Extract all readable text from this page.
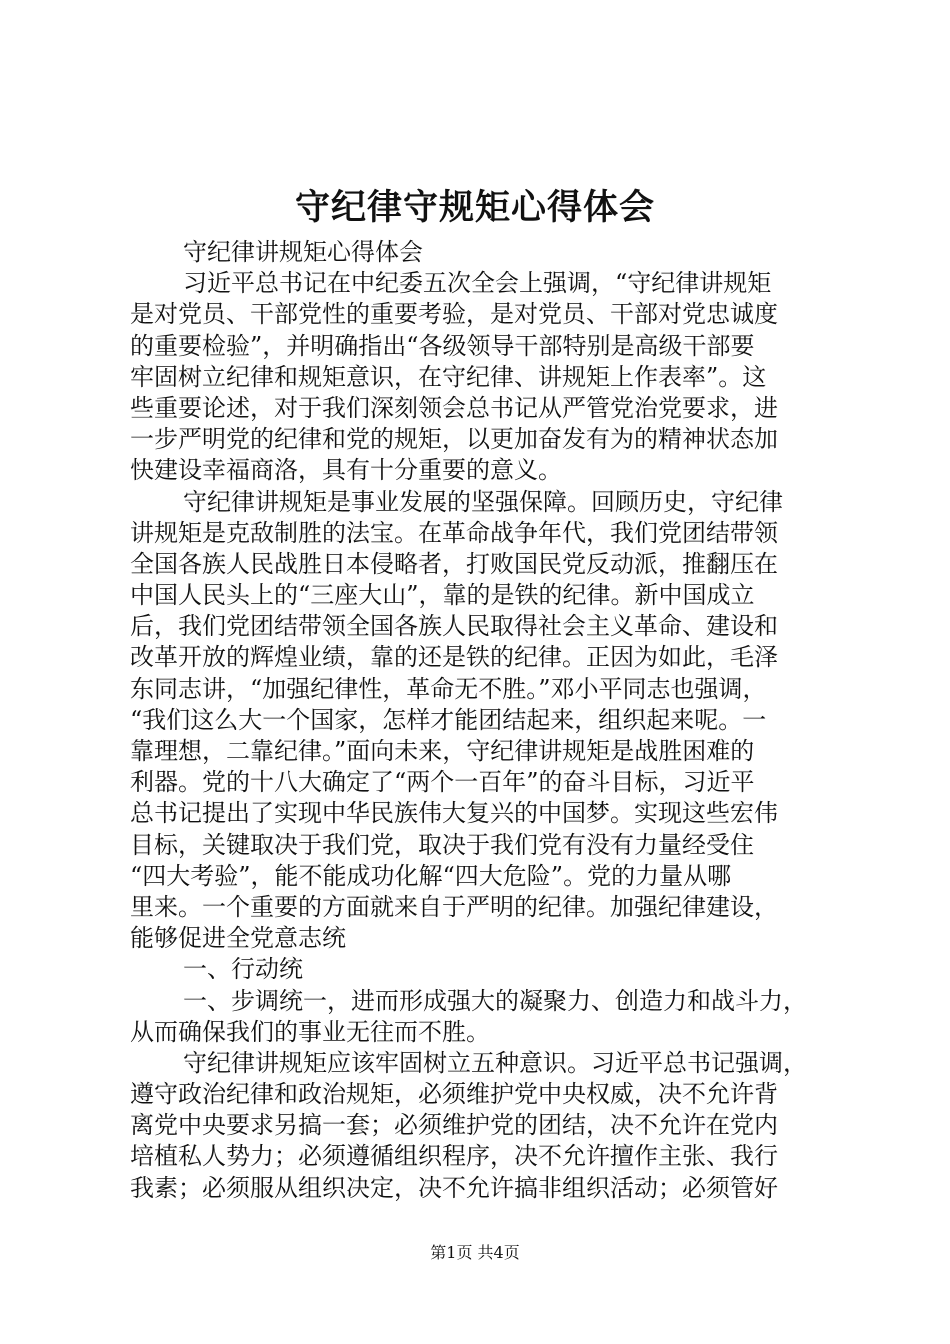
守纪律守规矩心得体会
守纪律讲规矩心得体会
习近平总书记在中纪委五次全会上强调，“守纪律讲规矩
是对党员、干部党性的重要考验，是对党员、干部对党忠诚度
的重要检验”，并明确指出“各级领导干部特别是高级干部要
牢固树立纪律和规矩意识，在守纪律、讲规矩上作表率”。这
些重要论述，对于我们深刻领会总书记从严管党治党要求，进
一步严明党的纪律和党的规矩，以更加奋发有为的精神状态加
快建设幸福商洛，具有十分重要的意义。
守纪律讲规矩是事业发展的坚强保障。回顾历史，守纪律
讲规矩是克敌制胜的法宝。在革命战争年代，我们党团结带领
全国各族人民战胜日本侵略者，打败国民党反动派，推翻压在
中国人民头上的“三座大山”，靠的是铁的纪律。新中国成立
后，我们党团结带领全国各族人民取得社会主义革命、建设和
改革开放的辉煌业绩，靠的还是铁的纪律。正因为如此，毛泽
东同志讲，“加强纪律性，革命无不胜。”邓小平同志也强调，
“我们这么大一个国家，怎样才能团结起来，组织起来呢。一
靠理想，二靠纪律。”面向未来，守纪律讲规矩是战胜困难的
利器。党的十八大确定了“两个一百年”的奋斗目标，习近平
总书记提出了实现中华民族伟大复兴的中国梦。实现这些宏伟
目标，关键取决于我们党，取决于我们党有没有力量经受住
“四大考验”，能不能成功化解“四大危险”。党的力量从哪
里来。一个重要的方面就来自于严明的纪律。加强纪律建设，
能够促进全党意志统
一、行动统
一、步调统一，进而形成强大的凝聚力、创造力和战斗力，
从而确保我们的事业无往而不胜。
守纪律讲规矩应该牢固树立五种意识。习近平总书记强调，
遵守政治纪律和政治规矩，必须维护党中央权威，决不允许背
离党中央要求另搞一套；必须维护党的团结，决不允许在党内
培植私人势力；必须遵循组织程序，决不允许擅作主张、我行
我素；必须服从组织决定，决不允许搞非组织活动；必须管好
第1页 共4页
